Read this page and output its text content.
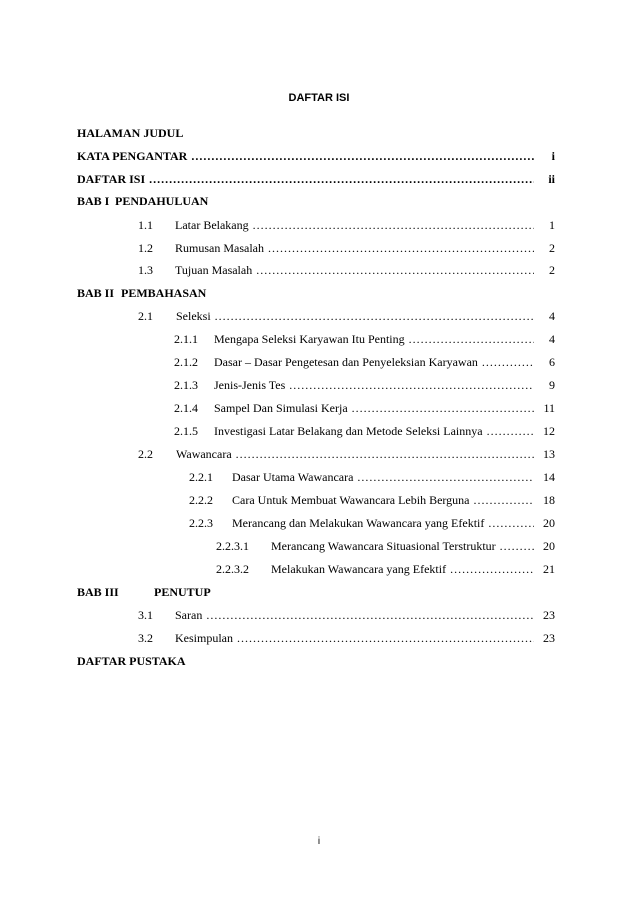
DAFTAR ISI
HALAMAN JUDUL
KATA PENGANTAR .....	i
DAFTAR ISI .....	ii
BAB I PENDAHULUAN
1.1	Latar Belakang .....	1
1.2	Rumusan Masalah .....	2
1.3	Tujuan Masalah .....	2
BAB II PEMBAHASAN
2.1	Seleksi .....	4
2.1.1	Mengapa Seleksi Karyawan Itu Penting .....	4
2.1.2	Dasar – Dasar Pengetesan dan Penyeleksian Karyawan .....	6
2.1.3	Jenis-Jenis Tes .....	9
2.1.4	Sampel Dan Simulasi Kerja .....	11
2.1.5	Investigasi Latar Belakang dan Metode Seleksi Lainnya .....	12
2.2	Wawancara .....	13
2.2.1	Dasar Utama Wawancara .....	14
2.2.2	Cara Untuk Membuat Wawancara Lebih Berguna .....	18
2.2.3	Merancang dan Melakukan Wawancara yang Efektif .....	20
2.2.3.1	Merancang Wawancara Situasional Terstruktur .....	20
2.2.3.2	Melakukan Wawancara yang Efektif .....	21
BAB III	PENUTUP
3.1	Saran .....	23
3.2	Kesimpulan .....	23
DAFTAR PUSTAKA
i
